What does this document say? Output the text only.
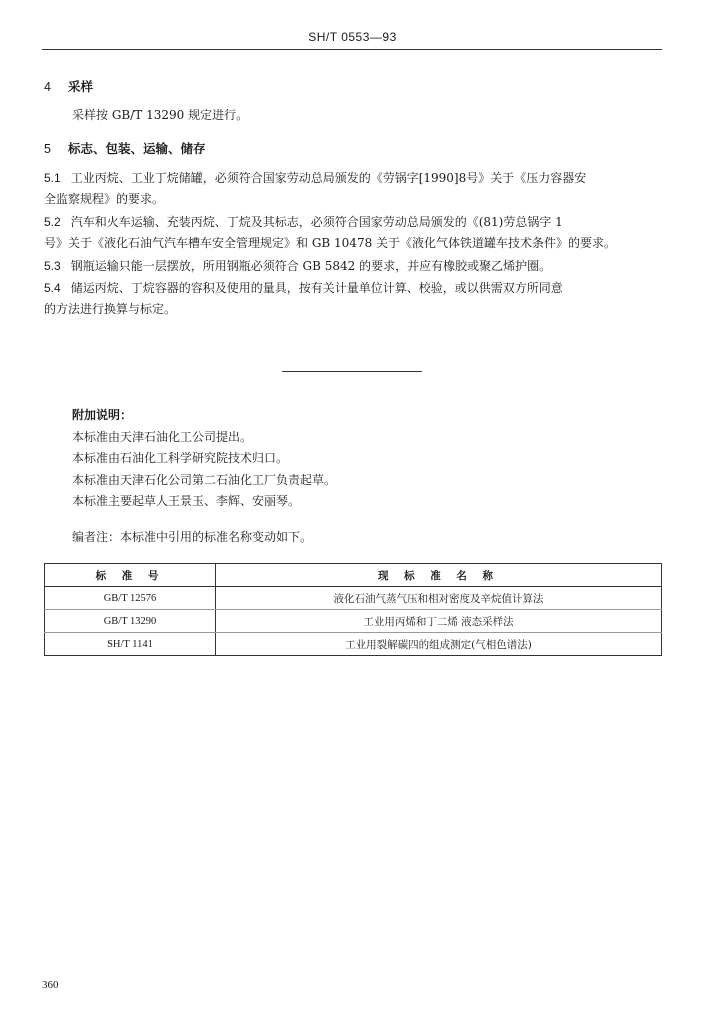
SH/T 0553—93
4 采样
采样按 GB/T 13290 规定进行。
5 标志、包装、运输、储存
5.1 工业丙烷、工业丁烷储罐，必须符合国家劳动总局颁发的《劳锅字[1990]8号》关于《压力容器安
全监察规程》的要求。
5.2 汽车和火车运输、充装丙烷、丁烷及其标志，必须符合国家劳动总局颁发的《(81)劳总锅字 1
号》关于《液化石油气汽车槽车安全管理规定》和 GB 10478 关于《液化气体铁道罐车技术条件》的要求。
5.3 钢瓶运输只能一层摆放，所用钢瓶必须符合 GB 5842 的要求，并应有橡胶或聚乙烯护圈。
5.4 储运丙烷、丁烷容器的容积及使用的量具，按有关计量单位计算、校验，或以供需双方所同意
的方法进行换算与标定。
附加说明：
本标准由天津石油化工公司提出。
本标准由石油化工科学研究院技术归口。
本标准由天津石化公司第二石油化工厂负责起草。
本标准主要起草人王景玉、李辉、安丽琴。
编者注：本标准中引用的标准名称变动如下。
标 准 号	现 标 准 名 称
GB/T 12576	液化石油气蒸气压和相对密度及辛烷值计算法
GB/T 13290	工业用丙烯和丁二烯 液态采样法
SH/T 1141	工业用裂解碳四的组成测定(气相色谱法)
360
